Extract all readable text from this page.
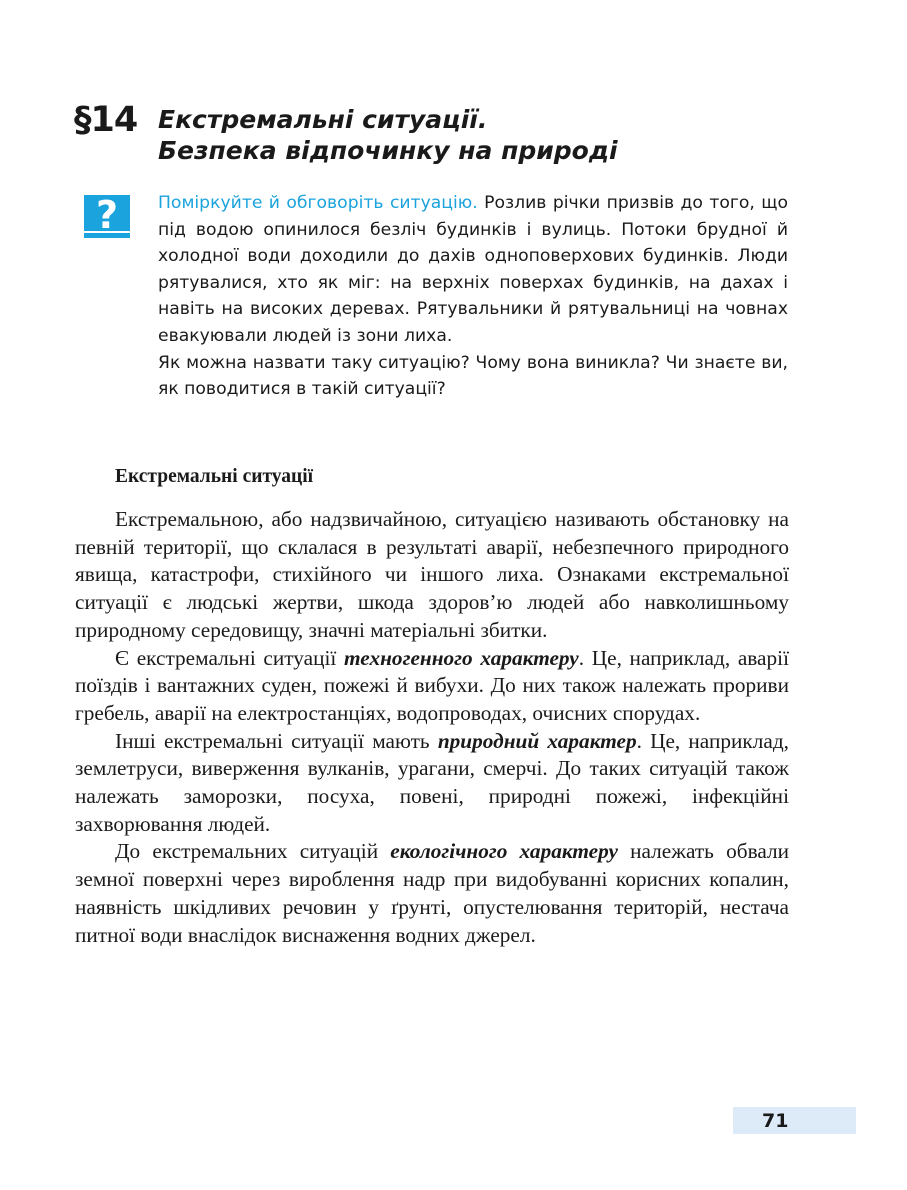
§14 Екстремальні ситуації.
Безпека відпочинку на природі
? Поміркуйте й обговоріть ситуацію. Розлив річки призвів до того, що під водою опинилося безліч будинків і вулиць. Потоки брудної й холодної води доходили до дахів одноповерхових будинків. Люди рятувалися, хто як міг: на верхніх поверхах будинків, на дахах і навіть на високих деревах. Рятувальники й рятувальниці на човнах евакуювали людей із зони лиха.

Як можна назвати таку ситуацію? Чому вона виникла? Чи знаєте ви, як поводитися в такій ситуації?

Екстремальні ситуації

Екстремальною, або надзвичайною, ситуацією називають обстановку на певній території, що склалася в результаті аварії, небезпечного природного явища, катастрофи, стихійного чи іншого лиха. Ознаками екстремальної ситуації є людські жертви, шкода здоров’ю людей або навколишньому природному середовищу, значні матеріальні збитки.

Є екстремальні ситуації техногенного характеру. Це, наприклад, аварії поїздів і вантажних суден, пожежі й вибухи. До них також належать прориви гребель, аварії на електростанціях, водопроводах, очисних спорудах.

Інші екстремальні ситуації мають природний характер. Це, наприклад, землетруси, виверження вулканів, урагани, смерчі. До таких ситуацій також належать заморозки, посуха, повені, природні пожежі, інфекційні захворювання людей.

До екстремальних ситуацій екологічного характеру належать обвали земної поверхні через вироблення надр при видобуванні корисних копалин, наявність шкідливих речовин у ґрунті, опустелювання територій, нестача питної води внаслідок виснаження водних джерел.

71
